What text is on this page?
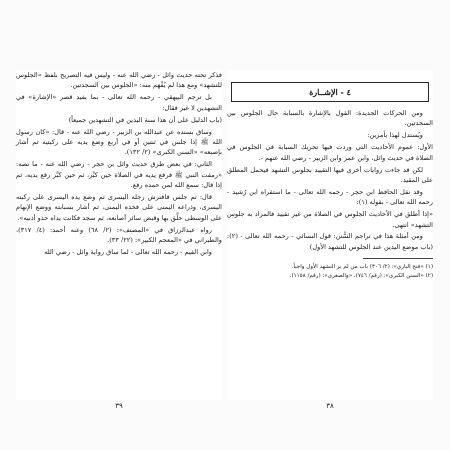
فذكر تحته حديث وائل - رضي الله عنه - وليس فيه التصريح بلفظ «الجلوس للتشهد» ومع هذا لم يُفْهَم منه: «الجلوس بين السجدتين.

بل ترجم البيهقي - رحمه الله تعالى - بما يفيد قصر «الإشارة» في التشهدين لا غير فقال:

(باب الدليل على أن هذا سنة اليدين في التشهدين جميعاً)

وساق بسنده عن عبدالله بن الزبير - رضي الله عنه - قال: «كان رسول الله ﷺ إذا جلس في ثنتين أو في أربع وضع يديه على ركبتيه ثم أشار بإصبعه» «السنن الكبرى» (٢/ ١٣٢).

الثاني: في بعض طرق حديث وائل بن حجر - رضي الله عنه - ما نصه: «رمقت النبي ﷺ فرفع يديه في الصلاة حين كبَّر، ثم حين كبَّر رفع يديه، ثم إذا قال: سمع الله لمن حمده رفع.

قال: ثم جلس فافترش رجله اليسرى ثم وضع يده اليسرى على ركبته اليسرى، وذراعه اليمنى على فخذه اليمنى، ثم أشار بسبابته ووضع الإبهام على الوسطى حلَّق بها وقبض سائر أصابعه، ثم سجد فكانت يداه حذو أذنيه».

رواه عبدالرزاق في «المصنف»: (٢/ ٦٨) وعنه أحمد: (٤/ ٣١٧)، والطبراني في «المعجم الكبير»: (٢٢/ ٣٣).

وابن القيم - رحمه الله تعالى - لما ساق رواية وائل - رضي الله

٤ - الإشــارة

ومن الحركات الجديدة: القول بالإشارة بالسبابة حال الجلوس بين السجدتين.

ويُستدل لهذا بأمرين:

الأول: عموم الأحاديث التي وردت فيها تحريك السبابة في الجلوس في الصلاة في حديث وائل، وابن عمر وابن الزبير - رضي الله عنهم -.

لكن قد جاءت روايات أخرى فيها التقييد بجلوس التشهد فيحمل المطلق على المقيد.

وقد نقل الحافظ ابن حجر - رحمه الله تعالى - ما استقراه ابن رُشيد - رحمه الله تعالى - بقوله (١):

«إذا أطلق في الأحاديث الجلوس في الصلاة من غير تقييد فالمراد به جلوس التشهد» انتهى.

ومن أمثلة هذا في تراجم السُّنن: قول النسائي - رحمه الله تعالى - (٢): (باب موضع اليدين عند الجلوس للتشهد الأول)

(١) «فتح الباري»: (٢/ ٣٠٦) باب من لم ير التشهد الأول واجباً.

(٢) «السنن الكبرى»: (رقم/ ٧٤٦)، «والصغرى»: (رقم/ ١١٥٨).

٣٩	٣٨
